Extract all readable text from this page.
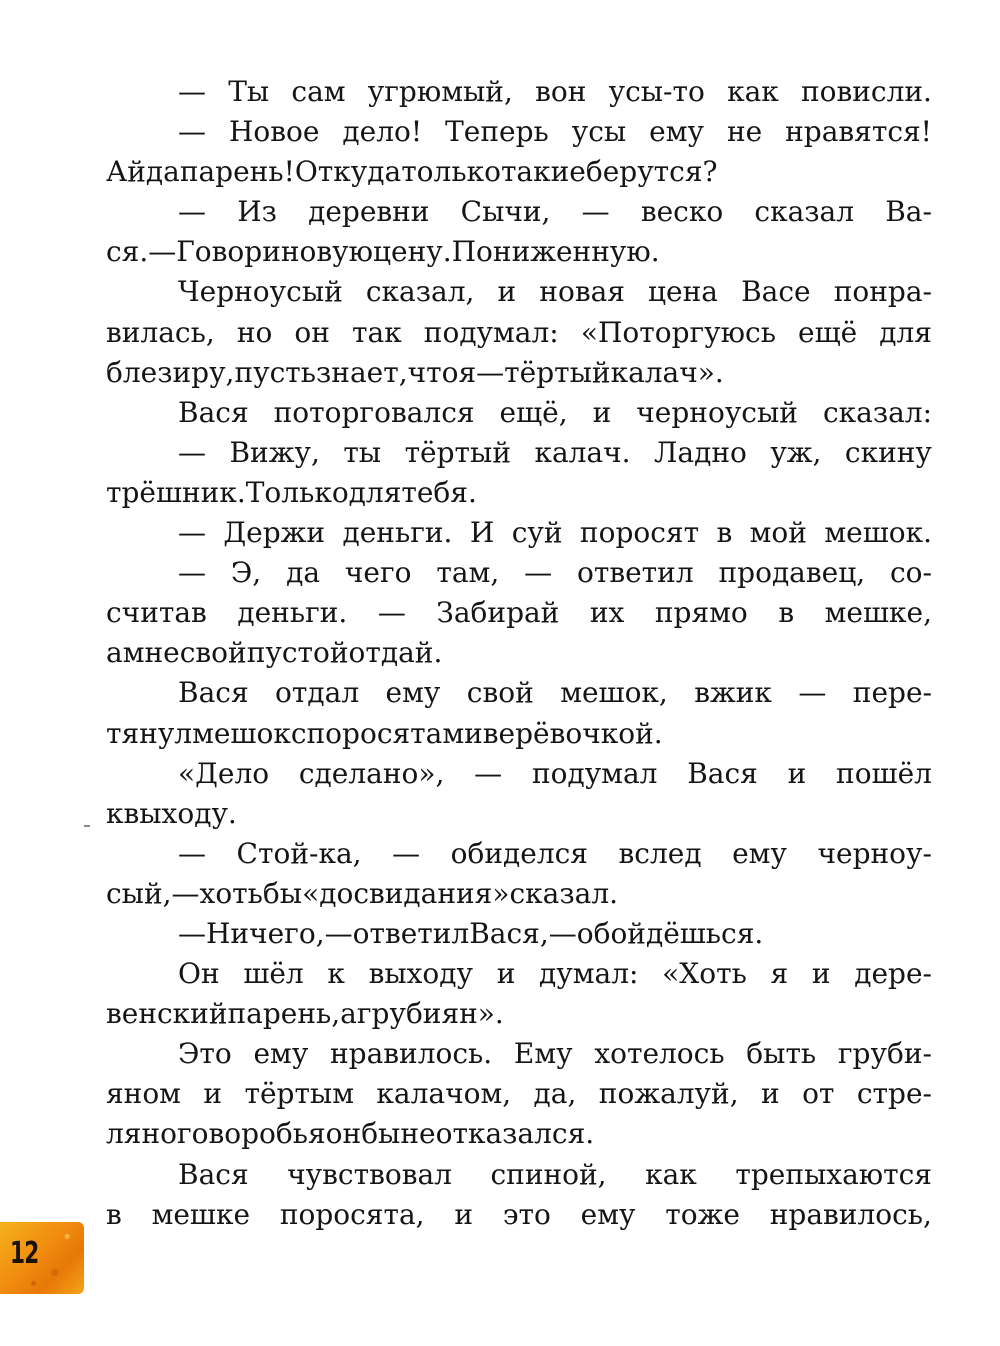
— Ты сам угрюмый, вон усы-то как повисли.
— Новое дело! Теперь усы ему не нравятся!
Ай да парень! Откуда только такие берутся?
— Из деревни Сычи, — веско сказал Ва-
ся. — Говори новую цену. Пониженную.
Черноусый сказал, и новая цена Васе понра-
вилась, но он так подумал: «Поторгуюсь ещё для
блезиру, пусть знает, что я — тёртый калач».
Вася поторговался ещё, и черноусый сказал:
— Вижу, ты тёртый калач. Ладно уж, скину
трёшник. Только для тебя.
— Держи деньги. И суй поросят в мой мешок.
— Э, да чего там, — ответил продавец, со-
считав деньги. — Забирай их прямо в мешке,
а мне свой пустой отдай.
Вася отдал ему свой мешок, вжик — пере-
тянул мешок с поросятами верёвочкой.
«Дело сделано», — подумал Вася и пошёл
к выходу.
— Стой-ка, — обиделся вслед ему черноу-
сый, — хоть бы «до свидания» сказал.
— Ничего, — ответил Вася, — обойдёшься.
Он шёл к выходу и думал: «Хоть я и дере-
венский парень, а грубиян».
Это ему нравилось. Ему хотелось быть груби-
яном и тёртым калачом, да, пожалуй, и от стре-
ляного воробья он бы не отказался.
Вася чувствовал спиной, как трепыхаются
в мешке поросята, и это ему тоже нравилось,
12
